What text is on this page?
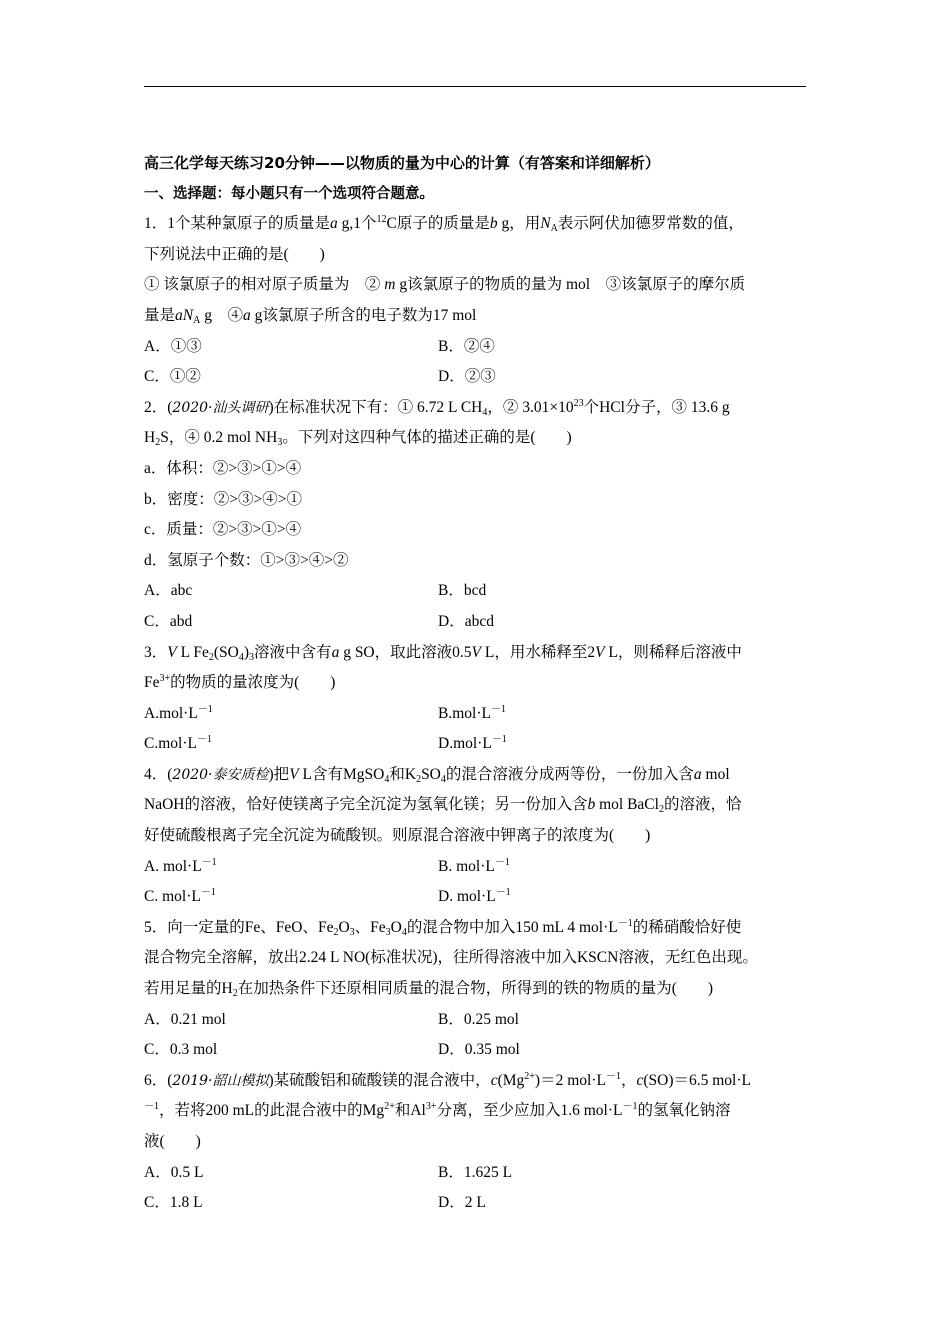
高三化学每天练习20分钟——以物质的量为中心的计算（有答案和详细解析）
一、选择题：每小题只有一个选项符合题意。
1．1个某种氯原子的质量是a g,1个$^{12}$C原子的质量是b g，用$N_A$表示阿伏加德罗常数的值，
下列说法中正确的是(　　)
① 该氯原子的相对原子质量为　② m g该氯原子的物质的量为 mol　③该氯原子的摩尔质
量是$aN_A$ g　④a g该氯原子所含的电子数为17 mol
A．①③	B．②④
C．①②	D．②③
2．(2020·汕头调研)在标准状况下有：① 6.72 L $CH_4$，② $3.01\times 10^{23}$个HCl分子，③ 13.6 g
$H_2S$，④ 0.2 mol $NH_3$。下列对这四种气体的描述正确的是(　　)
a．体积：②>③>①>④
b．密度：②>③>④>①
c．质量：②>③>①>④
d．氢原子个数：①>③>④>②
A．abc	B．bcd
C．abd	D．abcd
3．V L $Fe_2(SO_4)_3$溶液中含有a g SO，取此溶液0.5V L，用水稀释至2V L，则稀释后溶液中
$Fe^{3+}$的物质的量浓度为(　　)
$A.mol\cdot L^{-1}$	$B.mol\cdot L^{-1}$
$C.mol\cdot L^{-1}$	$D.mol\cdot L^{-1}$
4．(2020·泰安质检)把V L含有MgSO$_4$和$K_2SO_4$的混合溶液分成两等份，一份加入含a mol
NaOH的溶液，恰好使镁离子完全沉淀为氢氧化镁；另一份加入含b mol BaCl$_2$的溶液，恰
好使硫酸根离子完全沉淀为硫酸钡。则原混合溶液中钾离子的浓度为(　　)
A. $mol\cdot L^{-1}$	B. $mol\cdot L^{-1}$
C. $mol\cdot L^{-1}$	D. $mol\cdot L^{-1}$
5．向一定量的Fe、FeO、$Fe_2O_3$、$Fe_3O_4$的混合物中加入150 mL 4 $mol\cdot L^{-1}$的稀硝酸恰好使
混合物完全溶解，放出2.24 L NO(标准状况)，往所得溶液中加入KSCN溶液，无红色出现。
若用足量的$H_2$在加热条件下还原相同质量的混合物，所得到的铁的物质的量为(　　)
A．0.21 mol	B．0.25 mol
C．0.3 mol	D．0.35 mol
6．(2019·韶山模拟)某硫酸铝和硫酸镁的混合液中，$c(Mg^{2+})=2$ $mol\cdot L^{-1}$，c(SO)＝6.5 mol·L
$^{-1}$，若将200 mL的此混合液中的$Mg^{2+}$和$Al^{3+}$分离，至少应加入1.6 $mol\cdot L^{-1}$的氢氧化钠溶
液(　　)
A．0.5 L	B．1.625 L
C．1.8 L	D．2 L
